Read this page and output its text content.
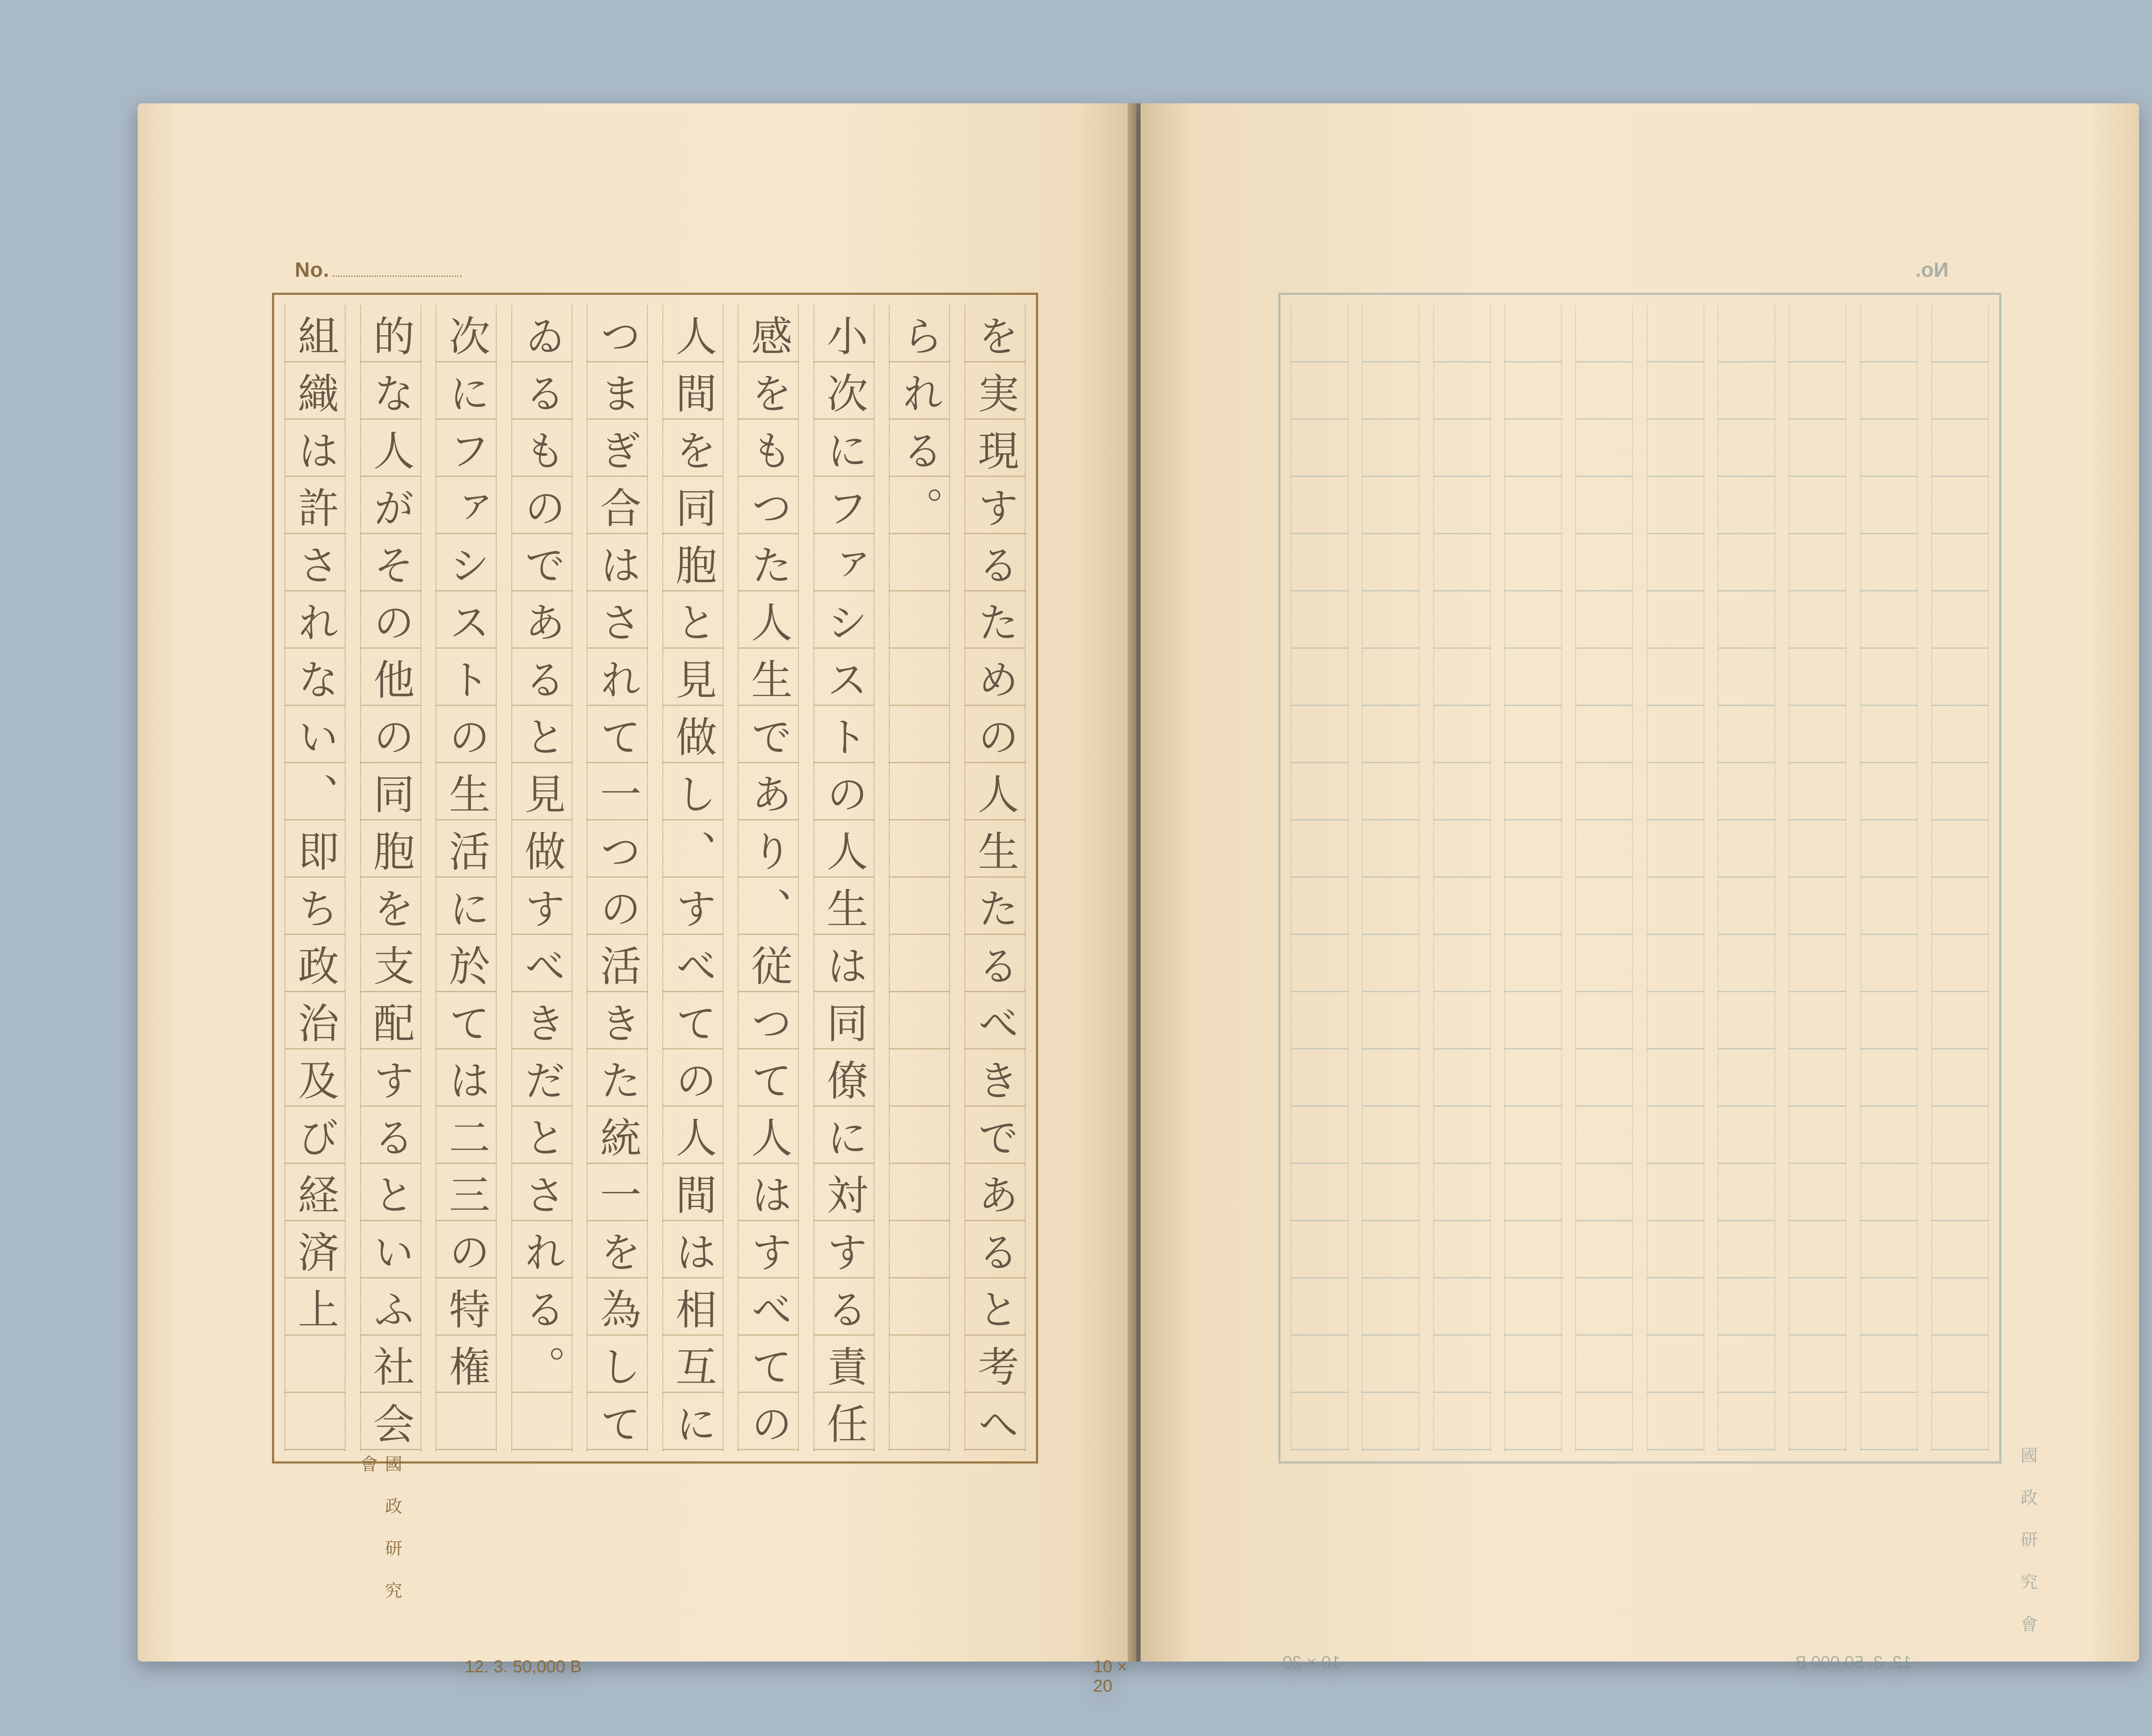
No.
を実現するための人生たるべきであると考へ
られる。
小次にファシストの人生は同僚に対する責任
感をもつた人生であり、従つて人はすべての
人間を同胞と見做し、すべての人間は相互に
つまぎ合はされて一つの活きた統一を為して
ゐるものであると見做すべきだとされる。
次にファシストの生活に於ては二三の特権
的な人がその他の同胞を支配するといふ社会
組織は許されない、即ち政治及び経済上
國政研究會
12. 3. 50,000 B	10 × 20
No.
國政研究會
10 × 20	12. 3. 50,000 B
